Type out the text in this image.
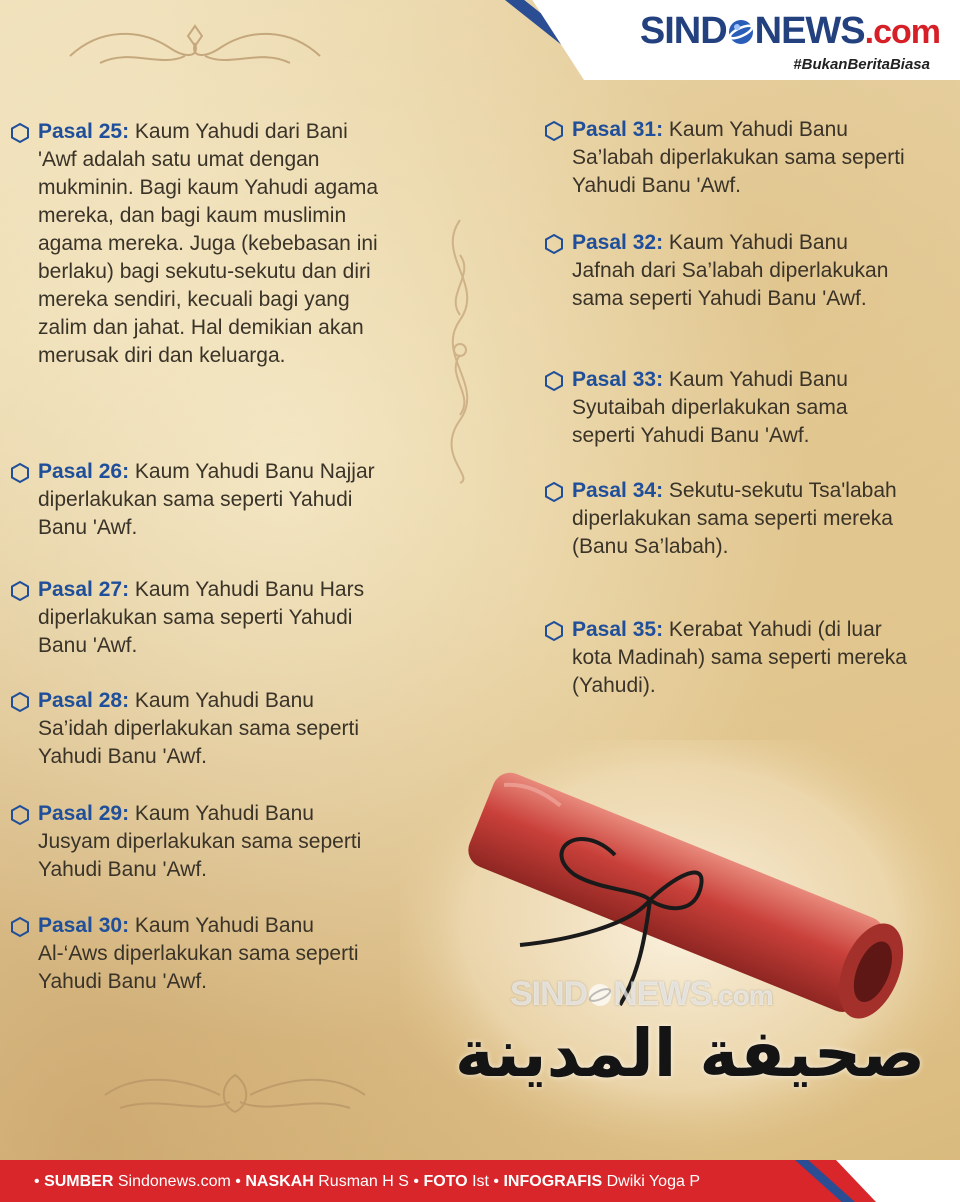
SIND NEWS.com
#BukanBeritaBiasa

Pasal 25: Kaum Yahudi dari Bani 'Awf adalah satu umat dengan mukminin. Bagi kaum Yahudi agama mereka, dan bagi kaum muslimin agama mereka. Juga (kebebasan ini berlaku) bagi sekutu-sekutu dan diri mereka sendiri, kecuali bagi yang zalim dan jahat. Hal demikian akan merusak diri dan keluarga.

Pasal 26: Kaum Yahudi Banu Najjar diperlakukan sama seperti Yahudi Banu 'Awf.

Pasal 27: Kaum Yahudi Banu Hars diperlakukan sama seperti Yahudi Banu 'Awf.

Pasal 28: Kaum Yahudi Banu Sa’idah diperlakukan sama seperti Yahudi Banu 'Awf.

Pasal 29: Kaum Yahudi Banu Jusyam diperlakukan sama seperti Yahudi Banu 'Awf.

Pasal 30: Kaum Yahudi Banu Al-‘Aws diperlakukan sama seperti Yahudi Banu 'Awf.

Pasal 31: Kaum Yahudi Banu Sa’labah diperlakukan sama seperti Yahudi Banu 'Awf.

Pasal 32: Kaum Yahudi Banu Jafnah dari Sa’labah diperlakukan sama seperti Yahudi Banu 'Awf.

Pasal 33: Kaum Yahudi Banu Syutaibah diperlakukan sama seperti Yahudi Banu 'Awf.

Pasal 34: Sekutu-sekutu Tsa'labah diperlakukan sama seperti mereka (Banu Sa’labah).

Pasal 35: Kerabat Yahudi (di luar kota Madinah) sama seperti mereka (Yahudi).

SIND NEWS.com
صحيفة المدينة
• SUMBER Sindonews.com • NASKAH Rusman H S • FOTO Ist • INFOGRAFIS Dwiki Yoga P
